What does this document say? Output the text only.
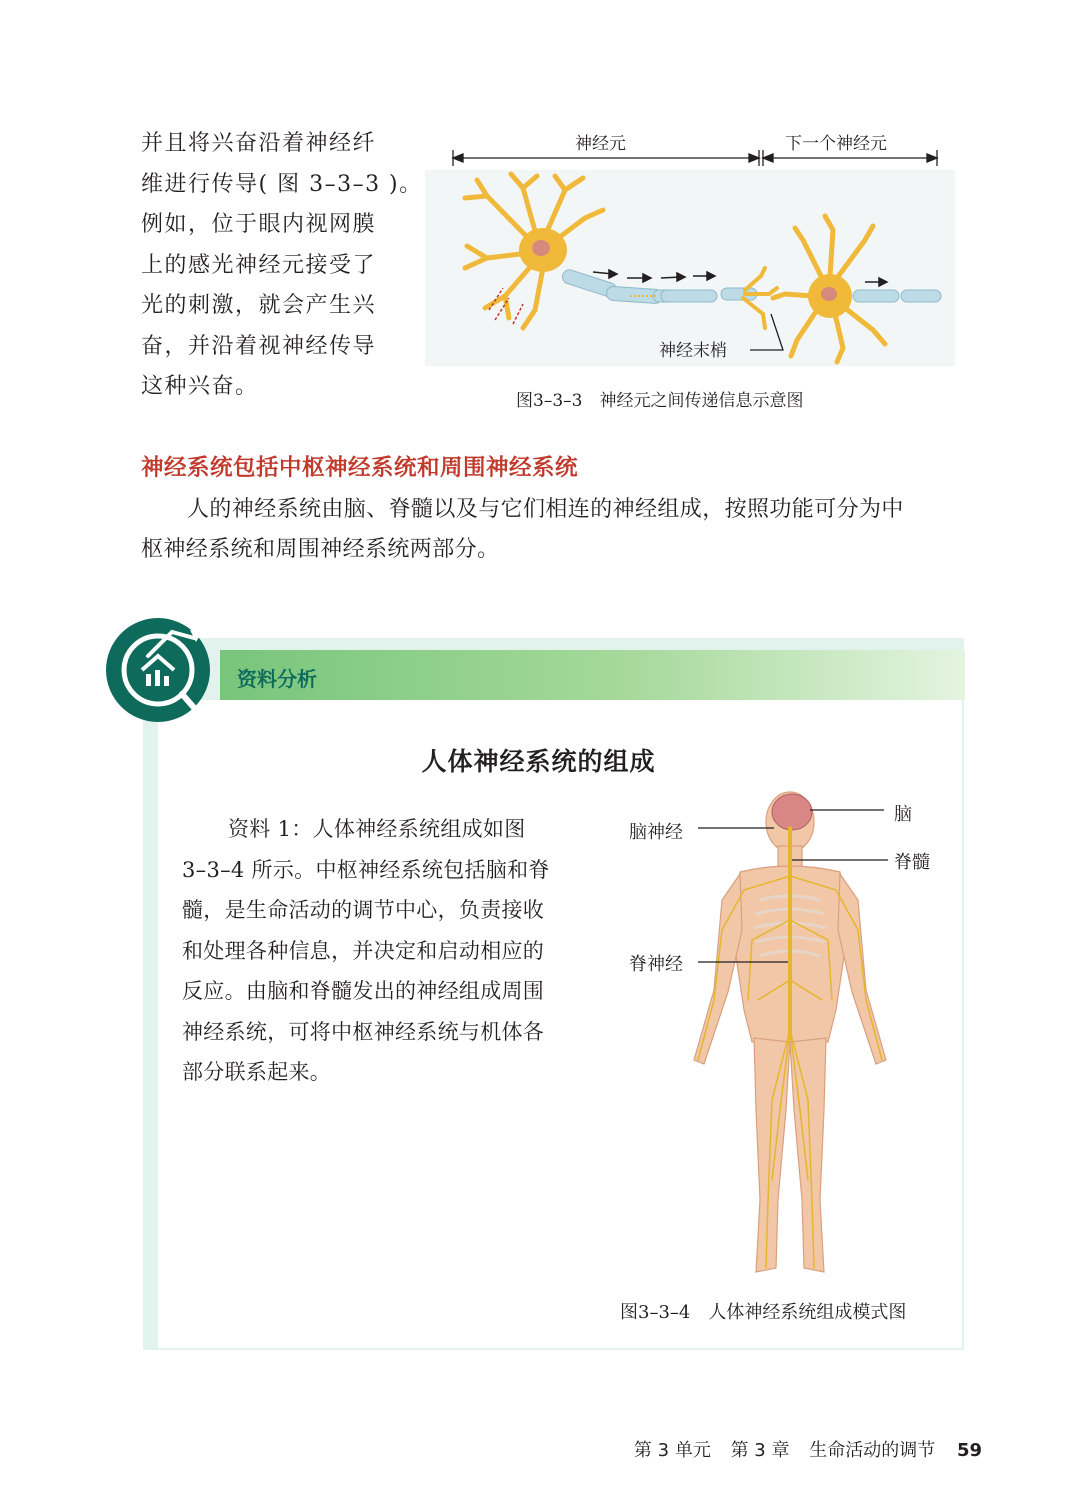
并且将兴奋沿着神经纤
维进行传导( 图 3–3–3 )。
例如，位于眼内视网膜
上的感光神经元接受了
光的刺激，就会产生兴
奋，并沿着视神经传导
这种兴奋。
神经元	下一个神经元
神经末梢
图3–3–3　神经元之间传递信息示意图
神经系统包括中枢神经系统和周围神经系统
人的神经系统由脑、脊髓以及与它们相连的神经组成，按照功能可分为中
枢神经系统和周围神经系统两部分。
资料分析
人体神经系统的组成
资料 1：人体神经系统组成如图
3–3–4 所示。中枢神经系统包括脑和脊
髓，是生命活动的调节中心，负责接收
和处理各种信息，并决定和启动相应的
反应。由脑和脊髓发出的神经组成周围
神经系统，可将中枢神经系统与机体各
部分联系起来。
脑神经
脑
脊髓
脊神经
图3–3–4　人体神经系统组成模式图
第 3 单元 第 3 章 生命活动的调节 59
